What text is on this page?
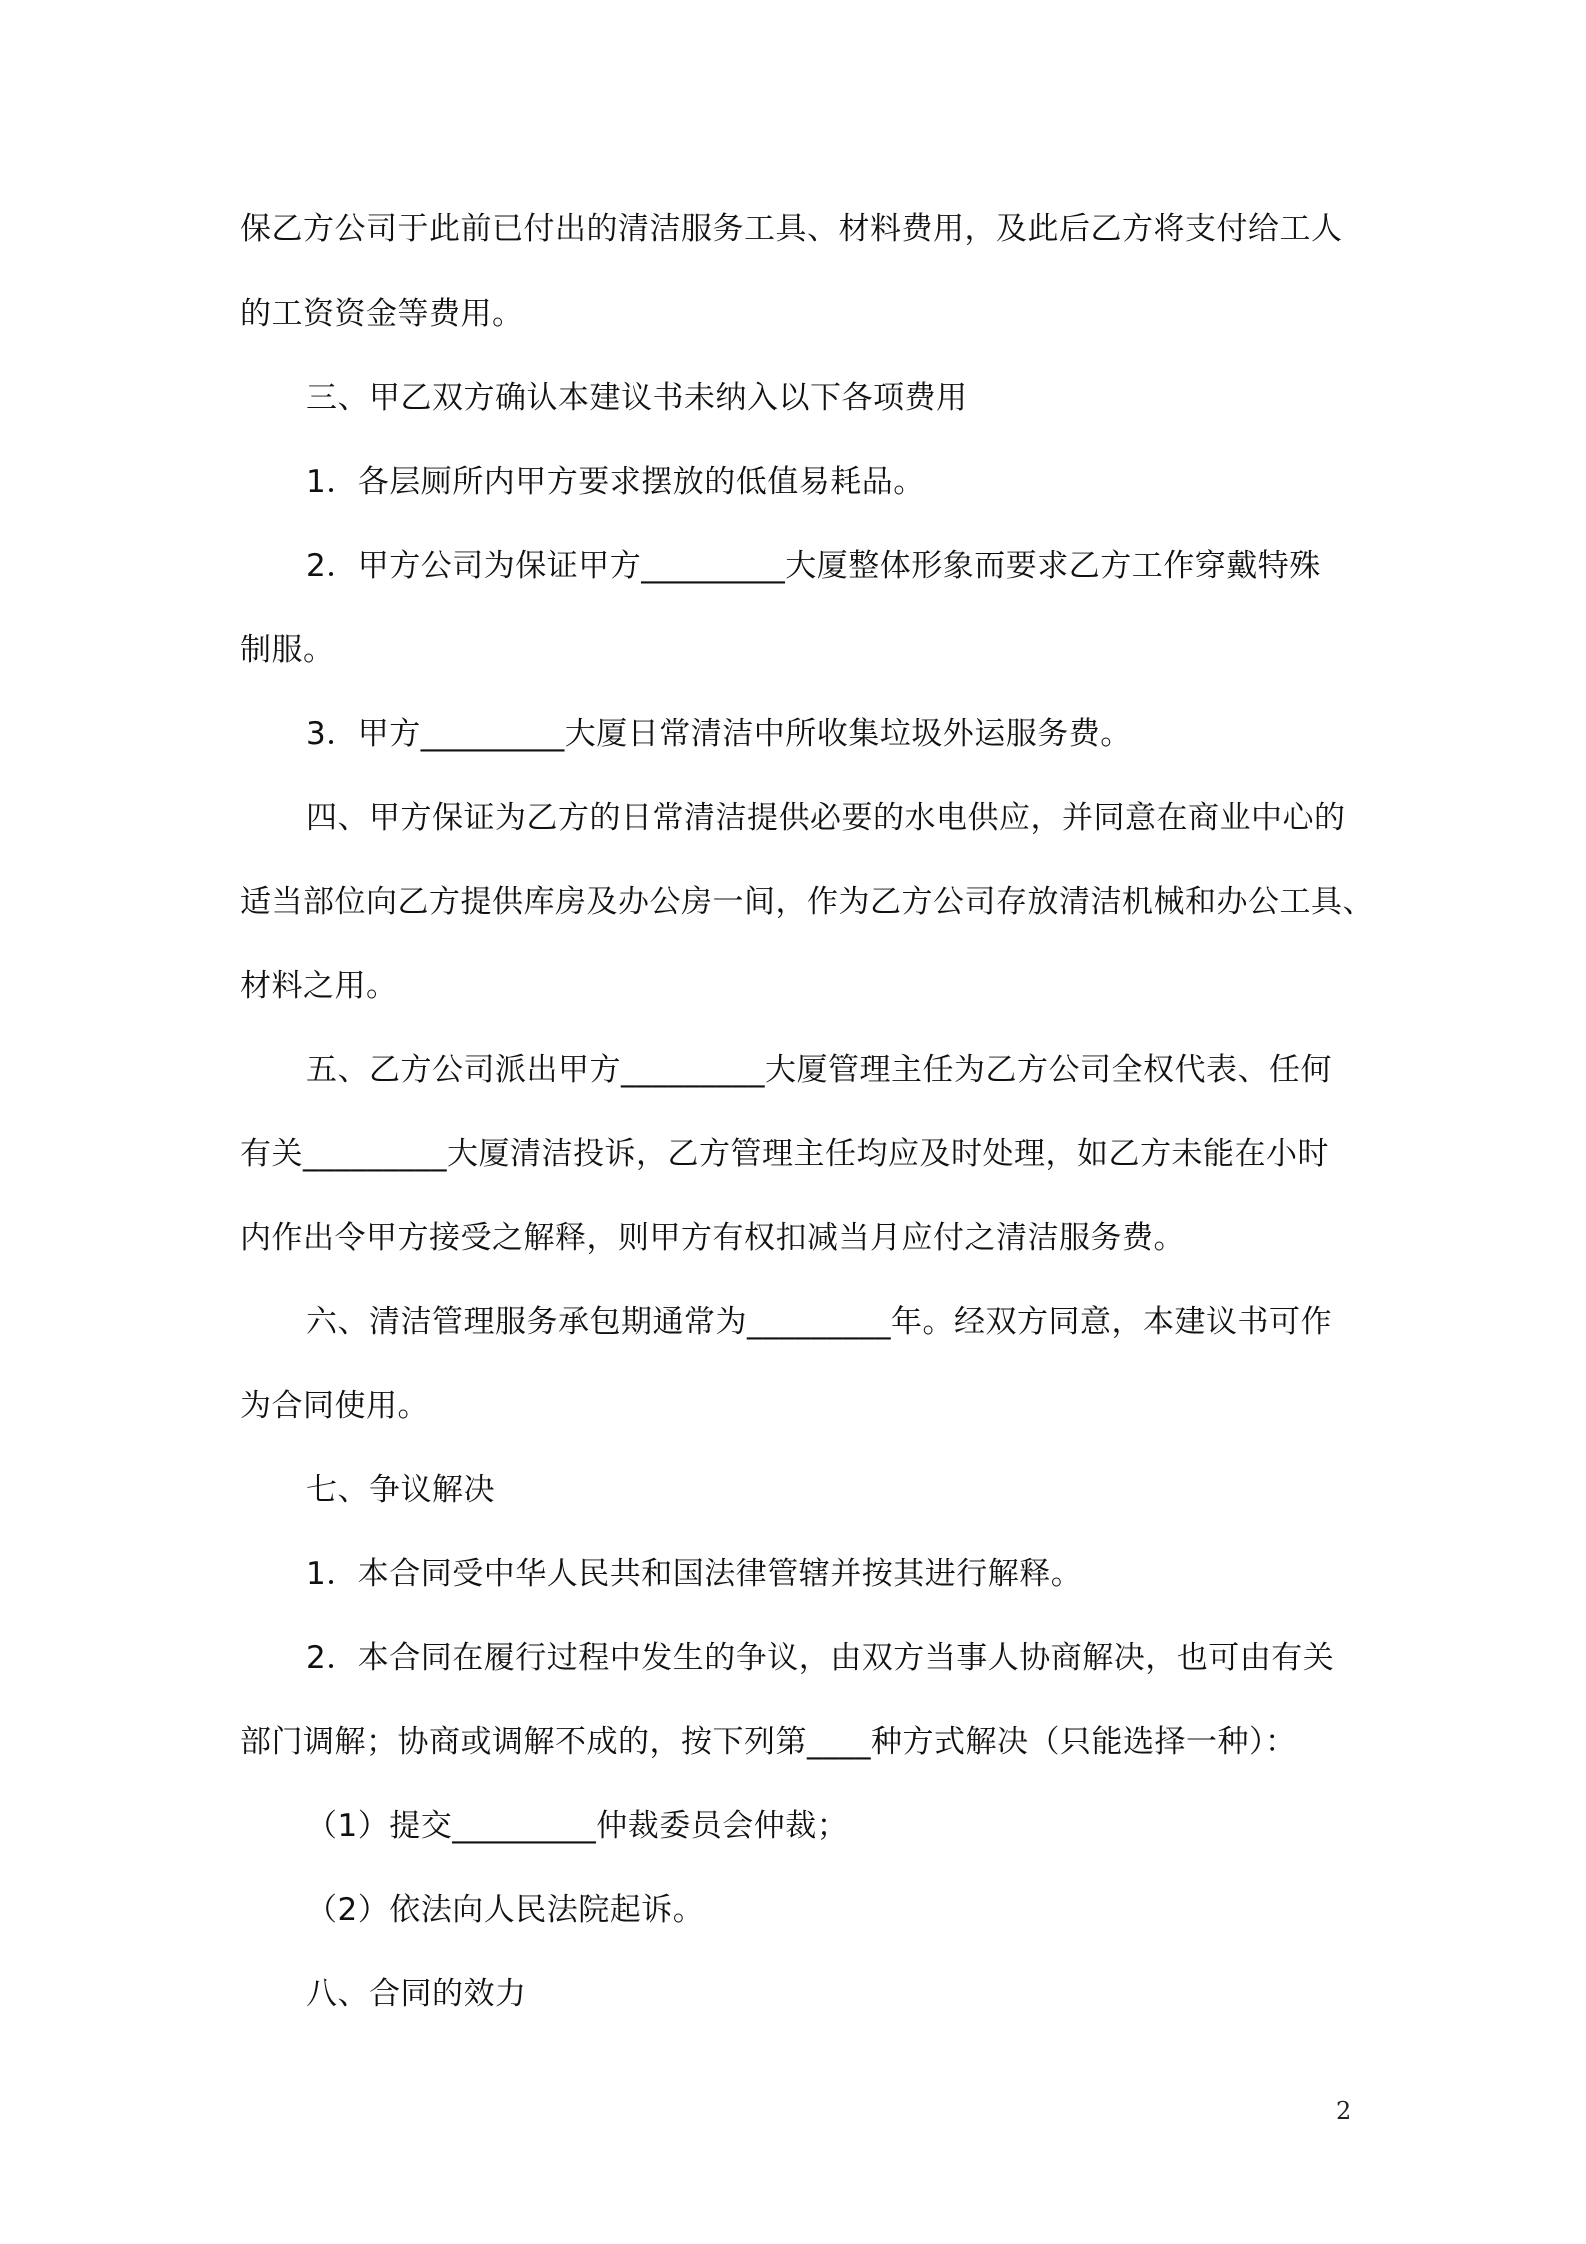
保乙方公司于此前已付出的清洁服务工具、材料费用，及此后乙方将支付给工人
的工资资金等费用。
三、甲乙双方确认本建议书未纳入以下各项费用
1．各层厕所内甲方要求摆放的低值易耗品。
2．甲方公司为保证甲方_________大厦整体形象而要求乙方工作穿戴特殊
制服。
3．甲方_________大厦日常清洁中所收集垃圾外运服务费。
四、甲方保证为乙方的日常清洁提供必要的水电供应，并同意在商业中心的
适当部位向乙方提供库房及办公房一间，作为乙方公司存放清洁机械和办公工具、
材料之用。
五、乙方公司派出甲方_________大厦管理主任为乙方公司全权代表、任何
有关_________大厦清洁投诉，乙方管理主任均应及时处理，如乙方未能在小时
内作出令甲方接受之解释，则甲方有权扣减当月应付之清洁服务费。
六、清洁管理服务承包期通常为_________年。经双方同意，本建议书可作
为合同使用。
七、争议解决
1．本合同受中华人民共和国法律管辖并按其进行解释。
2．本合同在履行过程中发生的争议，由双方当事人协商解决，也可由有关
部门调解；协商或调解不成的，按下列第____种方式解决（只能选择一种）：
（1）提交_________仲裁委员会仲裁；
（2）依法向人民法院起诉。
八、合同的效力
2
